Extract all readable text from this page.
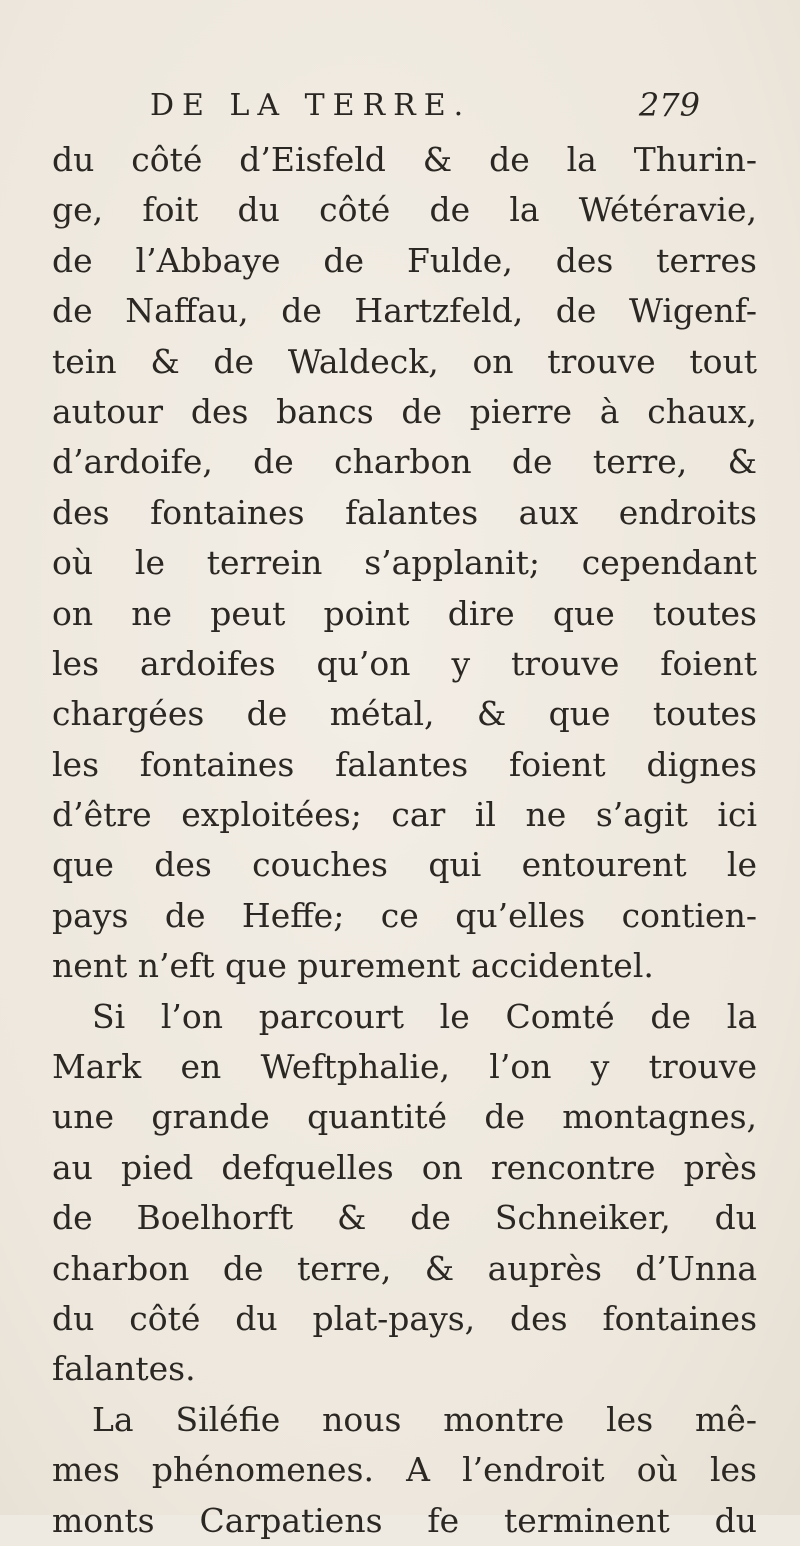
DE LA TERRE.	279
du côté d’Eisfeld & de la Thurin-
ge, foit du côté de la Wétéravie,
de l’Abbaye de Fulde, des terres
de Naffau, de Hartzfeld, de Wigenf-
tein & de Waldeck, on trouve tout
autour des bancs de pierre à chaux,
d’ardoife, de charbon de terre, &
des fontaines falantes aux endroits
où le terrein s’applanit; cependant
on ne peut point dire que toutes
les ardoifes qu’on y trouve foient
chargées de métal, & que toutes
les fontaines falantes foient dignes
d’être exploitées; car il ne s’agit ici
que des couches qui entourent le
pays de Heffe; ce qu’elles contien-
nent n’eft que purement accidentel.
Si l’on parcourt le Comté de la
Mark en Weftphalie, l’on y trouve
une grande quantité de montagnes,
au pied defquelles on rencontre près
de Boelhorft & de Schneiker, du
charbon de terre, & auprès d’Unna
du côté du plat-pays, des fontaines
falantes.
La Siléfie nous montre les mê-
mes phénomenes. A l’endroit où les
monts Carpatiens fe terminent du
